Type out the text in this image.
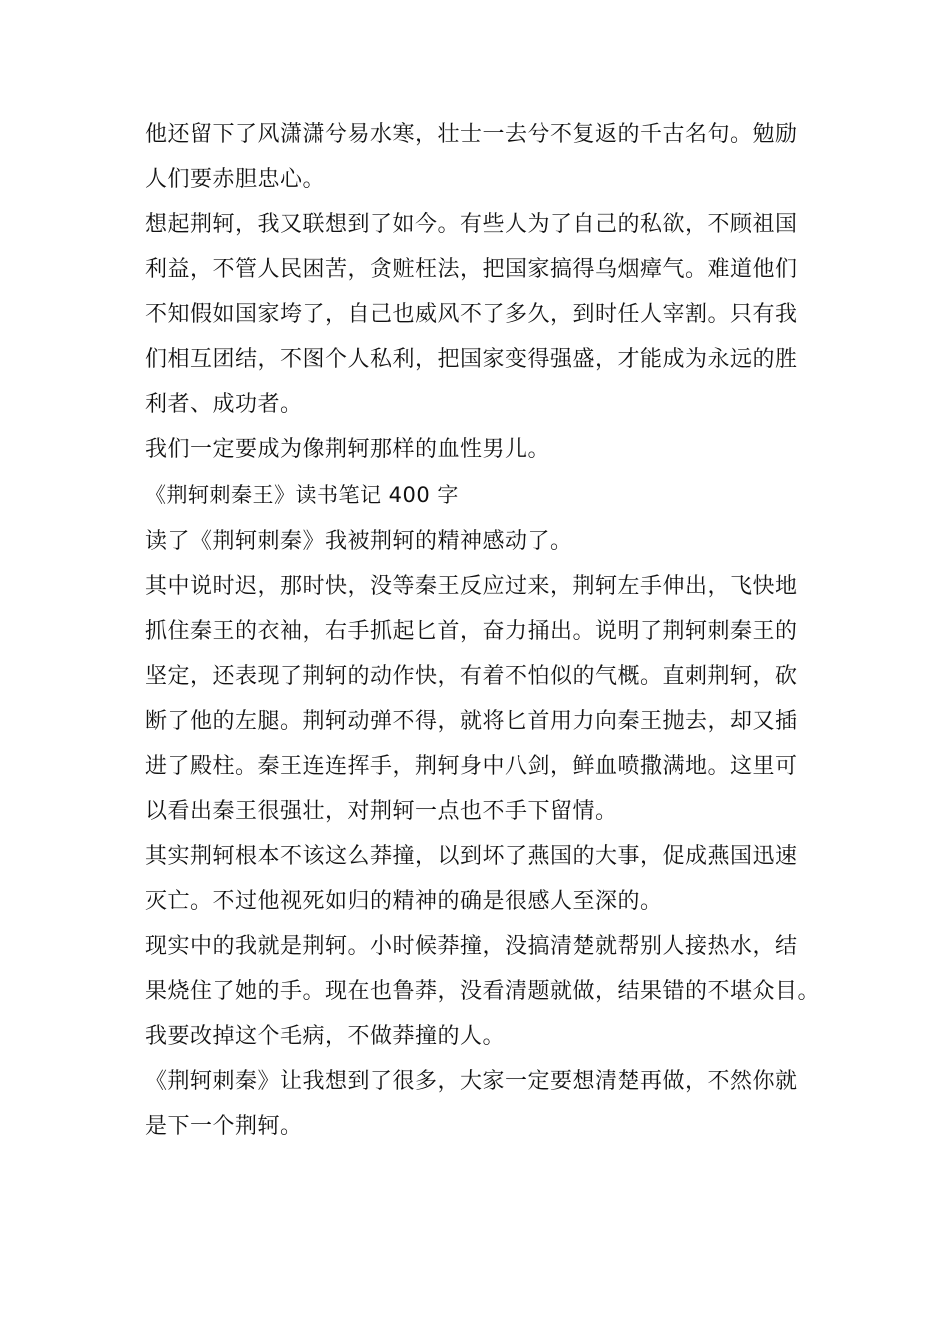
他还留下了风潇潇兮易水寒，壮士一去兮不复返的千古名句。勉励
人们要赤胆忠心。
想起荆轲，我又联想到了如今。有些人为了自己的私欲，不顾祖国
利益，不管人民困苦，贪赃枉法，把国家搞得乌烟瘴气。难道他们
不知假如国家垮了，自己也威风不了多久，到时任人宰割。只有我
们相互团结，不图个人私利，把国家变得强盛，才能成为永远的胜
利者、成功者。
我们一定要成为像荆轲那样的血性男儿。
《荆轲刺秦王》读书笔记 400 字
读了《荆轲刺秦》我被荆轲的精神感动了。
其中说时迟，那时快，没等秦王反应过来，荆轲左手伸出，飞快地
抓住秦王的衣袖，右手抓起匕首，奋力捅出。说明了荆轲刺秦王的
坚定，还表现了荆轲的动作快，有着不怕似的气概。直刺荆轲，砍
断了他的左腿。荆轲动弹不得，就将匕首用力向秦王抛去，却又插
进了殿柱。秦王连连挥手，荆轲身中八剑，鲜血喷撒满地。这里可
以看出秦王很强壮，对荆轲一点也不手下留情。
其实荆轲根本不该这么莽撞，以到坏了燕国的大事，促成燕国迅速
灭亡。不过他视死如归的精神的确是很感人至深的。
现实中的我就是荆轲。小时候莽撞，没搞清楚就帮别人接热水，结
果烧住了她的手。现在也鲁莽，没看清题就做，结果错的不堪众目。
我要改掉这个毛病，不做莽撞的人。
《荆轲刺秦》让我想到了很多，大家一定要想清楚再做，不然你就
是下一个荆轲。
